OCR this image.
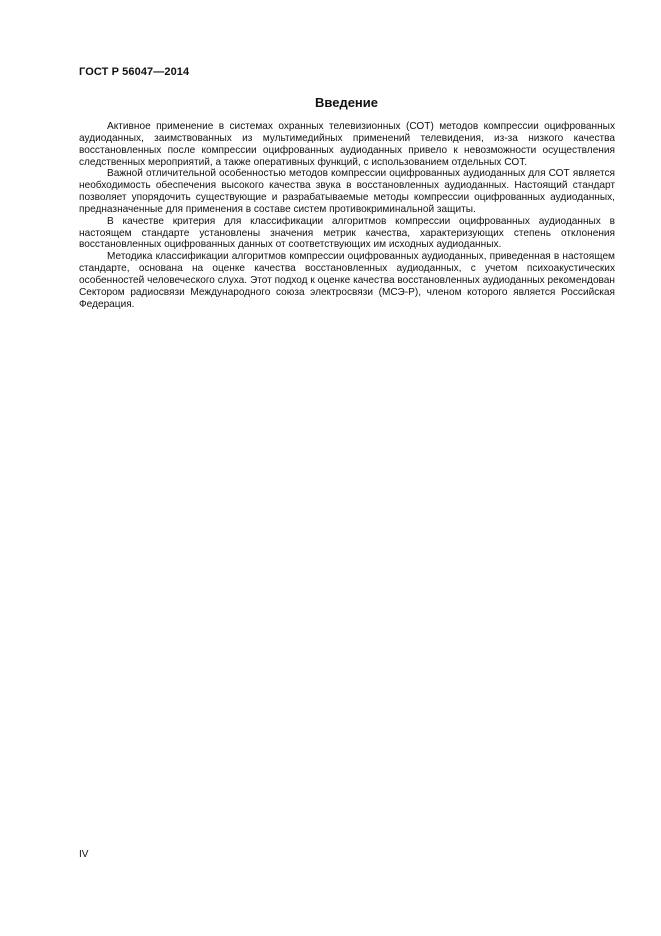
ГОСТ Р 56047—2014
Введение

Активное применение в системах охранных телевизионных (СОТ) методов компрессии оцифрованных аудиоданных, заимствованных из мультимедийных применений телевидения, из-за низкого качества восстановленных после компрессии оцифрованных аудиоданных привело к невозможности осуществления следственных мероприятий, а также оперативных функций, с использованием отдельных СОТ.

Важной отличительной особенностью методов компрессии оцифрованных аудиоданных для СОТ является необходимость обеспечения высокого качества звука в восстановленных аудиоданных. Настоящий стандарт позволяет упорядочить существующие и разрабатываемые методы компрессии оцифрованных аудиоданных, предназначенные для применения в составе систем противокриминальной защиты.

В качестве критерия для классификации алгоритмов компрессии оцифрованных аудиоданных в настоящем стандарте установлены значения метрик качества, характеризующих степень отклонения восстановленных оцифрованных данных от соответствующих им исходных аудиоданных.

Методика классификации алгоритмов компрессии оцифрованных аудиоданных, приведенная в настоящем стандарте, основана на оценке качества восстановленных аудиоданных, с учетом психоакустических особенностей человеческого слуха. Этот подход к оценке качества восстановленных аудиоданных рекомендован Сектором радиосвязи Международного союза электросвязи (МСЭ-Р), членом которого является Российская Федерация.

IV
